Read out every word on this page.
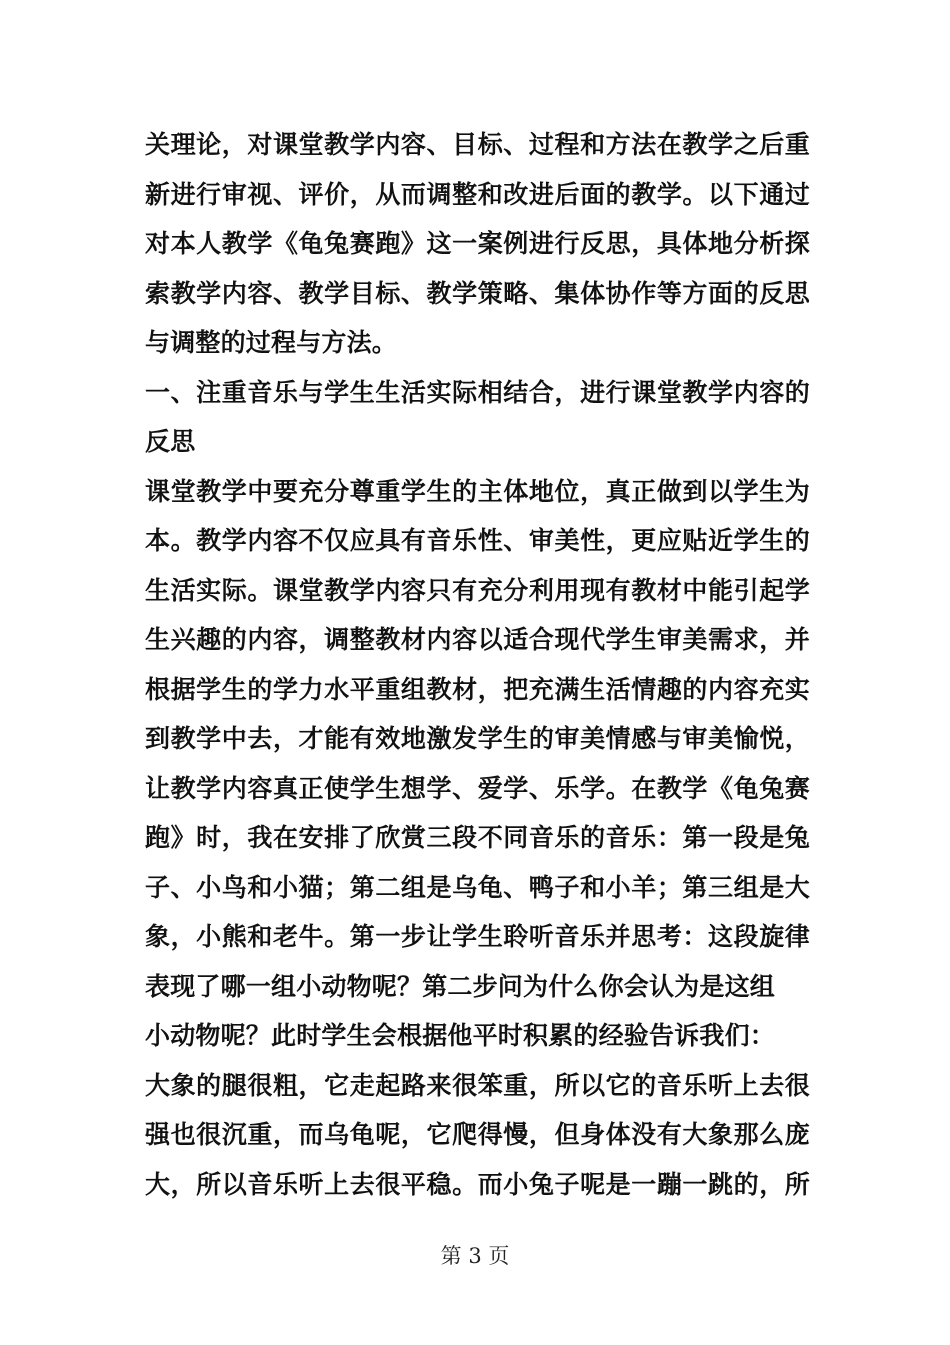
关理论，对课堂教学内容、目标、过程和方法在教学之后重
新进行审视、评价，从而调整和改进后面的教学。以下通过
对本人教学《龟兔赛跑》这一案例进行反思，具体地分析探
索教学内容、教学目标、教学策略、集体协作等方面的反思
与调整的过程与方法。
一、注重音乐与学生生活实际相结合，进行课堂教学内容的
反思
课堂教学中要充分尊重学生的主体地位，真正做到以学生为
本。教学内容不仅应具有音乐性、审美性，更应贴近学生的
生活实际。课堂教学内容只有充分利用现有教材中能引起学
生兴趣的内容，调整教材内容以适合现代学生审美需求，并
根据学生的学力水平重组教材，把充满生活情趣的内容充实
到教学中去，才能有效地激发学生的审美情感与审美愉悦，
让教学内容真正使学生想学、爱学、乐学。在教学《龟兔赛
跑》时，我在安排了欣赏三段不同音乐的音乐：第一段是兔
子、小鸟和小猫；第二组是乌龟、鸭子和小羊；第三组是大
象，小熊和老牛。第一步让学生聆听音乐并思考：这段旋律
表现了哪一组小动物呢？第二步问为什么你会认为是这组
小动物呢？此时学生会根据他平时积累的经验告诉我们：
大象的腿很粗，它走起路来很笨重，所以它的音乐听上去很
强也很沉重，而乌龟呢，它爬得慢，但身体没有大象那么庞
大，所以音乐听上去很平稳。而小兔子呢是一蹦一跳的，所
第 3 页
